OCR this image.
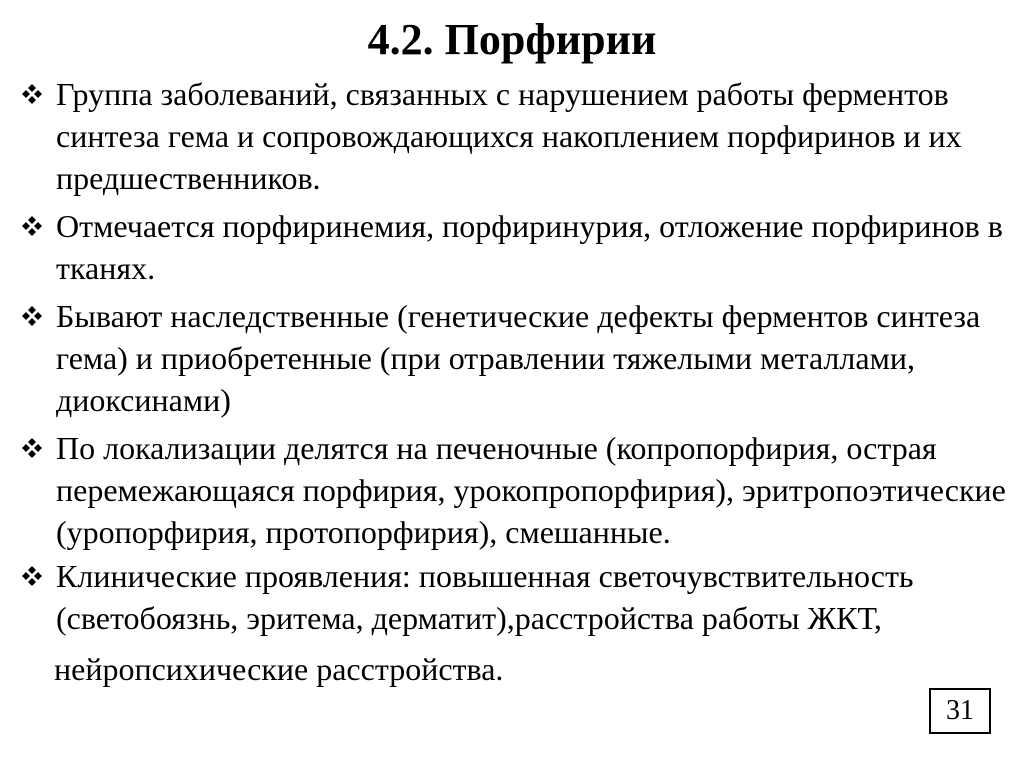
4.2. Порфирии
Группа заболеваний, связанных с нарушением работы ферментов синтеза гема и сопровождающихся накоплением порфиринов и их предшественников.
Отмечается порфиринемия, порфиринурия, отложение порфиринов в тканях.
Бывают наследственные (генетические дефекты ферментов синтеза гема) и приобретенные (при отравлении тяжелыми металлами, диоксинами)
По локализации делятся на печеночные (копропорфирия, острая перемежающаяся порфирия, урокопропорфирия), эритропоэтические (уропорфирия, протопорфирия), смешанные.
Клинические проявления: повышенная светочувствительность (светобоязнь, эритема, дерматит),расстройства работы ЖКТ,
нейропсихические расстройства.
31
